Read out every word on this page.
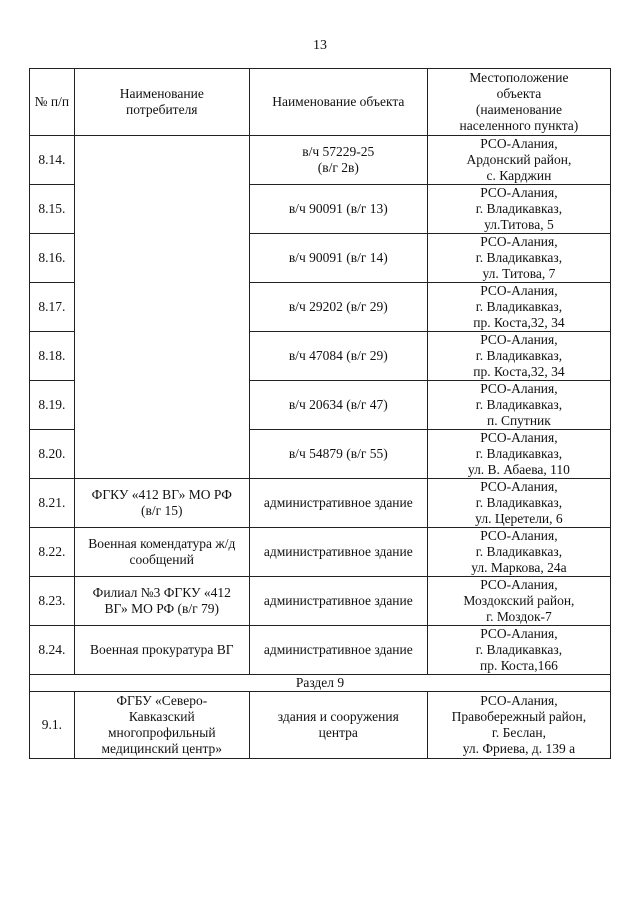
13
№ п/п	Наименование
потребителя	Наименование объекта	Местоположение
объекта
(наименование
населенного пункта)

8.14.		в/ч 57229-25
(в/г 2в)	РСО-Алания,
Ардонский район,
с. Карджин

8.15.		в/ч 90091 (в/г 13)	РСО-Алания,
г. Владикавказ,
ул.Титова, 5

8.16.		в/ч 90091 (в/г 14)	РСО-Алания,
г. Владикавказ,
ул. Титова, 7

8.17.		в/ч 29202 (в/г 29)	РСО-Алания,
г. Владикавказ,
пр. Коста,32, 34

8.18.		в/ч 47084 (в/г 29)	РСО-Алания,
г. Владикавказ,
пр. Коста,32, 34

8.19.		в/ч 20634 (в/г 47)	РСО-Алания,
г. Владикавказ,
п. Спутник

8.20.		в/ч 54879 (в/г 55)	РСО-Алания,
г. Владикавказ,
ул. В. Абаева, 110

8.21.	ФГКУ «412 ВГ» МО РФ
(в/г 15)	административное здание	РСО-Алания,
г. Владикавказ,
ул. Церетели, 6

8.22.	Военная комендатура ж/д
сообщений	административное здание	РСО-Алания,
г. Владикавказ,
ул. Маркова, 24а

8.23.	Филиал №3 ФГКУ «412
ВГ» МО РФ (в/г 79)	административное здание	РСО-Алания,
Моздокский район,
г. Моздок-7

8.24.	Военная прокуратура ВГ	административное здание	РСО-Алания,
г. Владикавказ,
пр. Коста,166

Раздел 9			
9.1.	ФГБУ «Северо-
Кавказский
многопрофильный
медицинский центр»	здания и сооружения
центра	РСО-Алания,
Правобережный район,
г. Беслан,
ул. Фриева, д. 139 а
